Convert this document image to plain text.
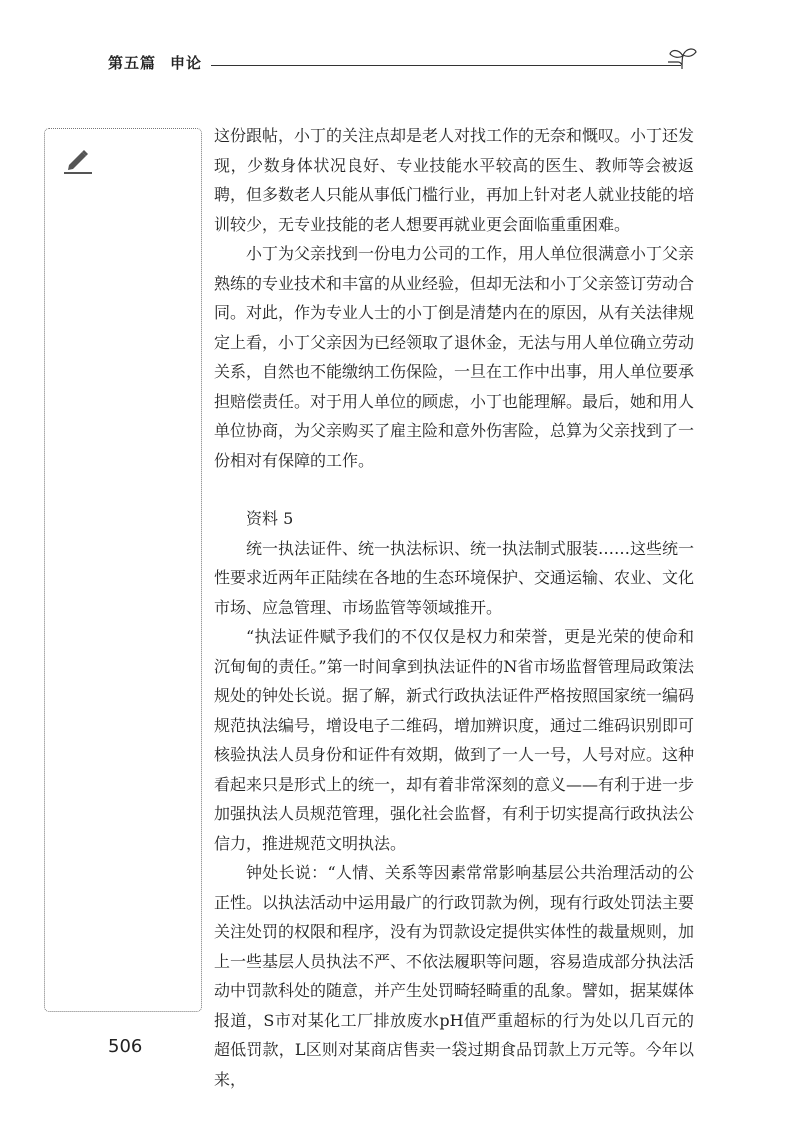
第五篇 申论

这份跟帖，小丁的关注点却是老人对找工作的无奈和慨叹。小丁还发现，少数身体状况良好、专业技能水平较高的医生、教师等会被返聘，但多数老人只能从事低门槛行业，再加上针对老人就业技能的培训较少，无专业技能的老人想要再就业更会面临重重困难。

小丁为父亲找到一份电力公司的工作，用人单位很满意小丁父亲熟练的专业技术和丰富的从业经验，但却无法和小丁父亲签订劳动合同。对此，作为专业人士的小丁倒是清楚内在的原因，从有关法律规定上看，小丁父亲因为已经领取了退休金，无法与用人单位确立劳动关系，自然也不能缴纳工伤保险，一旦在工作中出事，用人单位要承担赔偿责任。对于用人单位的顾虑，小丁也能理解。最后，她和用人单位协商，为父亲购买了雇主险和意外伤害险，总算为父亲找到了一份相对有保障的工作。

资料 5

统一执法证件、统一执法标识、统一执法制式服装……这些统一性要求近两年正陆续在各地的生态环境保护、交通运输、农业、文化市场、应急管理、市场监管等领域推开。

“执法证件赋予我们的不仅仅是权力和荣誉，更是光荣的使命和沉甸甸的责任。”第一时间拿到执法证件的N省市场监督管理局政策法规处的钟处长说。据了解，新式行政执法证件严格按照国家统一编码规范执法编号，增设电子二维码，增加辨识度，通过二维码识别即可核验执法人员身份和证件有效期，做到了一人一号，人号对应。这种看起来只是形式上的统一，却有着非常深刻的意义——有利于进一步加强执法人员规范管理，强化社会监督，有利于切实提高行政执法公信力，推进规范文明执法。

钟处长说：“人情、关系等因素常常影响基层公共治理活动的公正性。以执法活动中运用最广的行政罚款为例，现有行政处罚法主要关注处罚的权限和程序，没有为罚款设定提供实体性的裁量规则，加上一些基层人员执法不严、不依法履职等问题，容易造成部分执法活动中罚款科处的随意，并产生处罚畸轻畸重的乱象。譬如，据某媒体报道，S市对某化工厂排放废水pH值严重超标的行为处以几百元的超低罚款，L区则对某商店售卖一袋过期食品罚款上万元等。今年以来，

506
